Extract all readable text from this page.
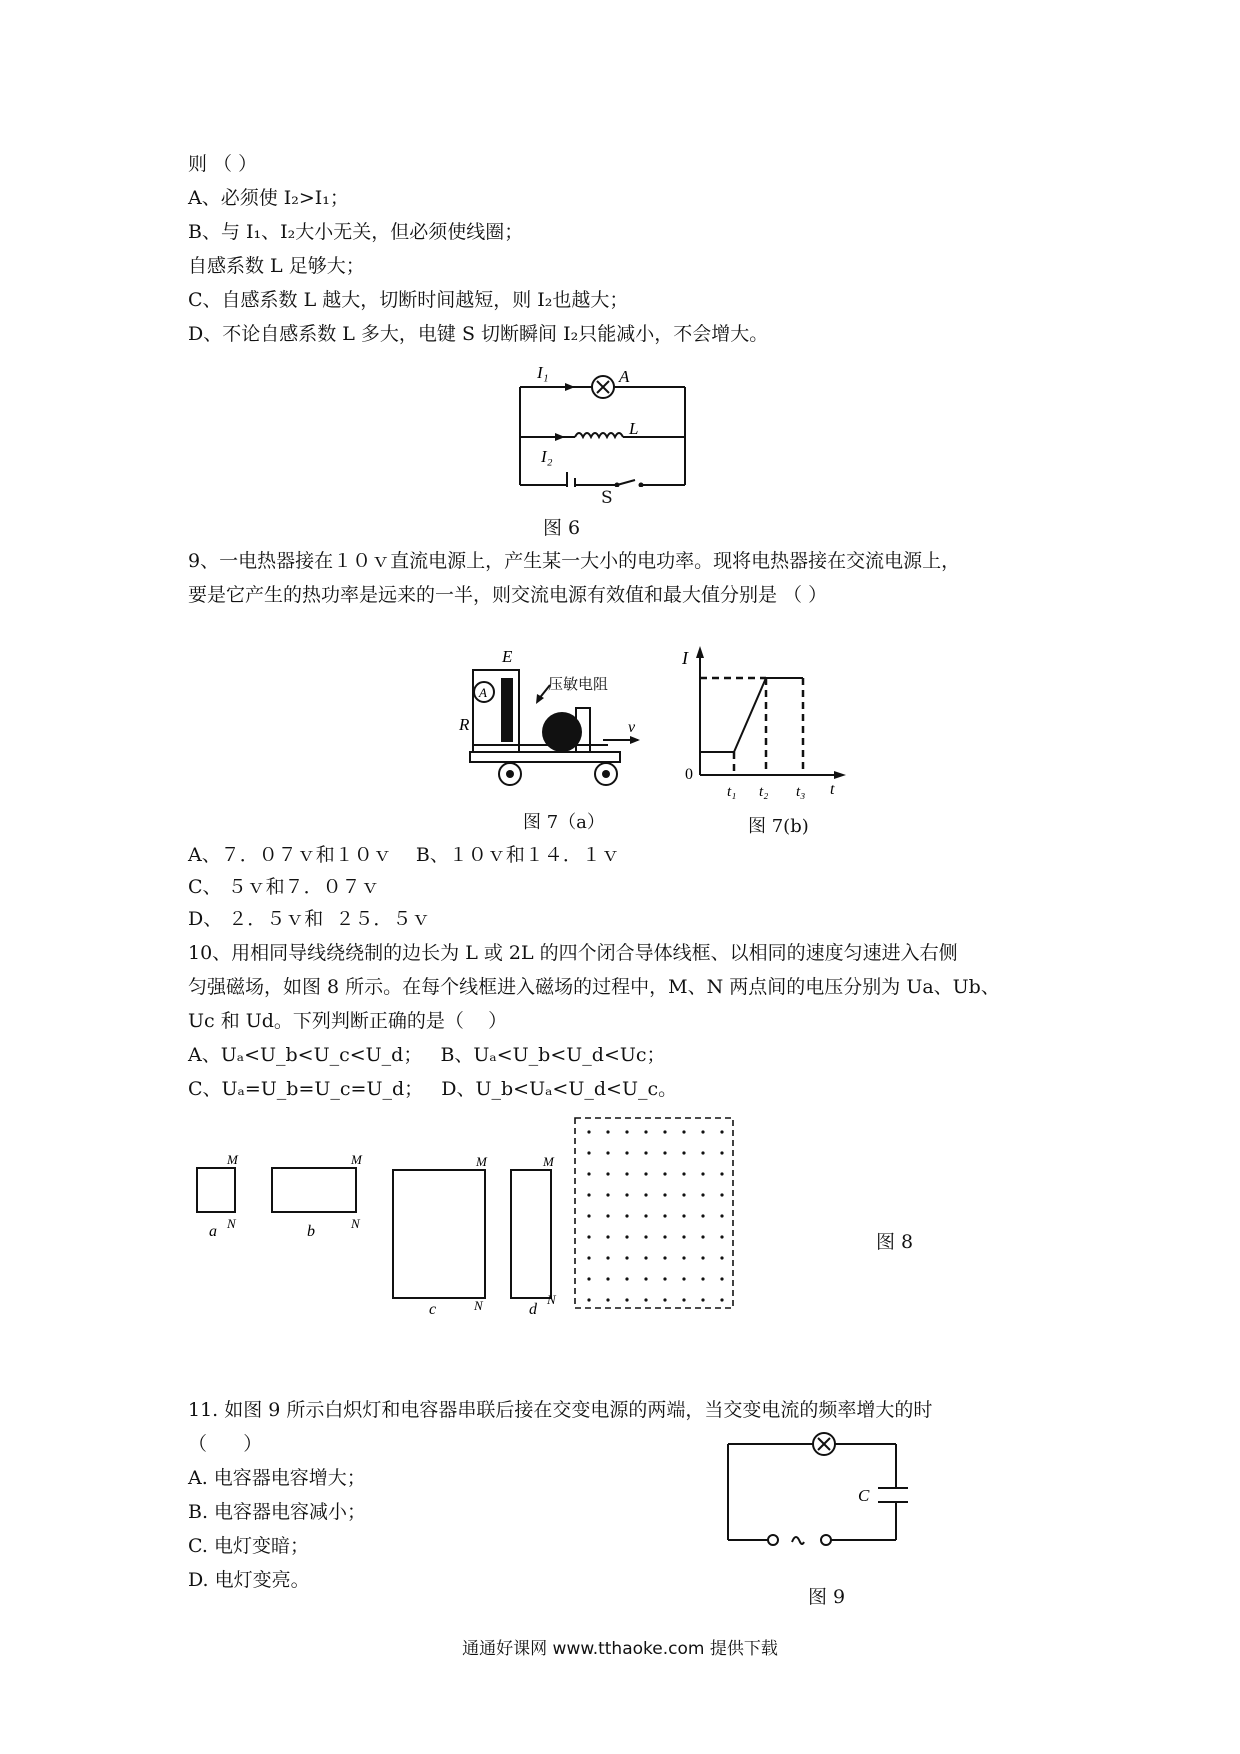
则 （ ）
A、必须使 I₂>I₁；
B、与 I₁、I₂大小无关，但必须使线圈；
自感系数 L 足够大；
C、自感系数 L 越大，切断时间越短，则 I₂也越大；
D、不论自感系数 L 多大，电键 S 切断瞬间 I₂只能减小，不会增大。
I₁	A
L
I₂
S
图 6
9、一电热器接在１０ｖ直流电源上，产生某一大小的电功率。现将电热器接在交流电源上，
要是它产生的热功率是远来的一半，则交流电源有效值和最大值分别是 （ ）
E
A
R	v
压敏电阻
图 7（a）
I
0
t₁ t₂ t₃ t
图 7(b)
A、７．０７ｖ和１０ｖ    B、１０ｖ和１４．１ｖ
C、 ５ｖ和７．０７ｖ
D、 ２．５ｖ和  ２５．５ｖ
10、用相同导线绕绕制的边长为 L 或 2L 的四个闭合导体线框、以相同的速度匀速进入右侧
匀强磁场，如图 8 所示。在每个线框进入磁场的过程中，M、N 两点间的电压分别为 Ua、Ub、
Uc 和 Ud。下列判断正确的是（    ）
A、Uₐ<U_b<U_c<U_d；   B、Uₐ<U_b<U_d<Uc；
C、Uₐ=U_b=U_c=U_d；   D、U_b<Uₐ<U_d<U_c。
M
N
M
N
M
N
M
N
a	b
c	d
图 8
11. 如图 9 所示白炽灯和电容器串联后接在交变电源的两端，当交变电流的频率增大的时
（      ）
A. 电容器电容增大；
B. 电容器电容减小；
C. 电灯变暗；
D. 电灯变亮。
C
图 9
通通好课网 www.tthaoke.com 提供下载
